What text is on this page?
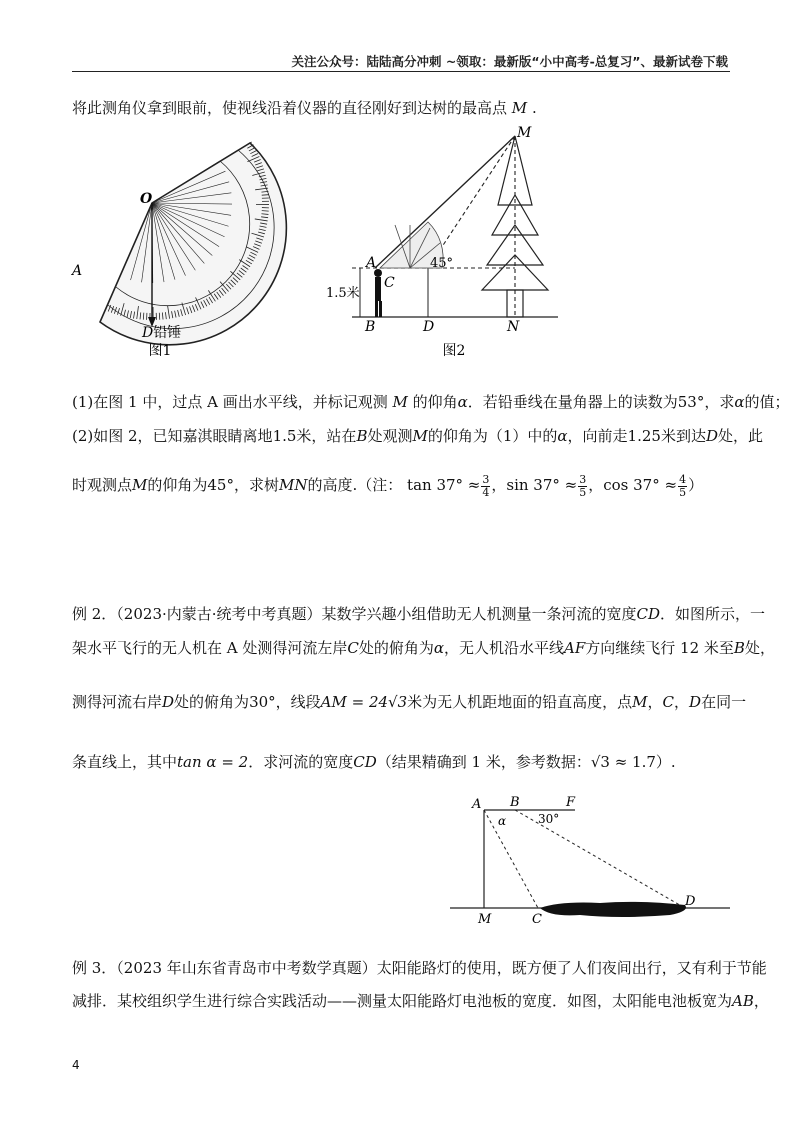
关注公众号：陆陆高分冲刺 ~领取：最新版“小中高考-总复习”、最新试卷下载
将此测角仪拿到眼前，使视线沿着仪器的直径刚好到达树的最高点 M .
O
A
D铅锤
图1
1.5米
M
A
C
45°
B	D	N
图2
(1)在图 1 中，过点 A 画出水平线，并标记观测 M 的仰角α．若铅垂线在量角器上的读数为53°，求α的值；
(2)如图 2，已知嘉淇眼睛离地1.5米，站在B处观测M的仰角为（1）中的α，向前走1.25米到达D处，此
时观测点M的仰角为45°，求树MN的高度.（注： $\tan 37^\circ \approx \frac{3}{4}$ ，$\sin 37^\circ \approx \frac{3}{5}$ ，$\cos 37^\circ \approx \frac{4}{5}$ ）
例 2．（2023·内蒙古·统考中考真题）某数学兴趣小组借助无人机测量一条河流的宽度CD．如图所示，一
架水平飞行的无人机在 A 处测得河流左岸C处的俯角为α，无人机沿水平线AF方向继续飞行 12 米至B处，
测得河流右岸D处的俯角为30°，线段AM = 24√3米为无人机距地面的铅直高度，点M，C，D在同一
条直线上，其中tan α = 2．求河流的宽度CD（结果精确到 1 米，参考数据：√3 ≈ 1.7）.
A B	F
α	30°
M	C
D
例 3．（2023 年山东省青岛市中考数学真题）太阳能路灯的使用，既方便了人们夜间出行，又有利于节能
减排．某校组织学生进行综合实践活动——测量太阳能路灯电池板的宽度．如图，太阳能电池板宽为AB，
4
